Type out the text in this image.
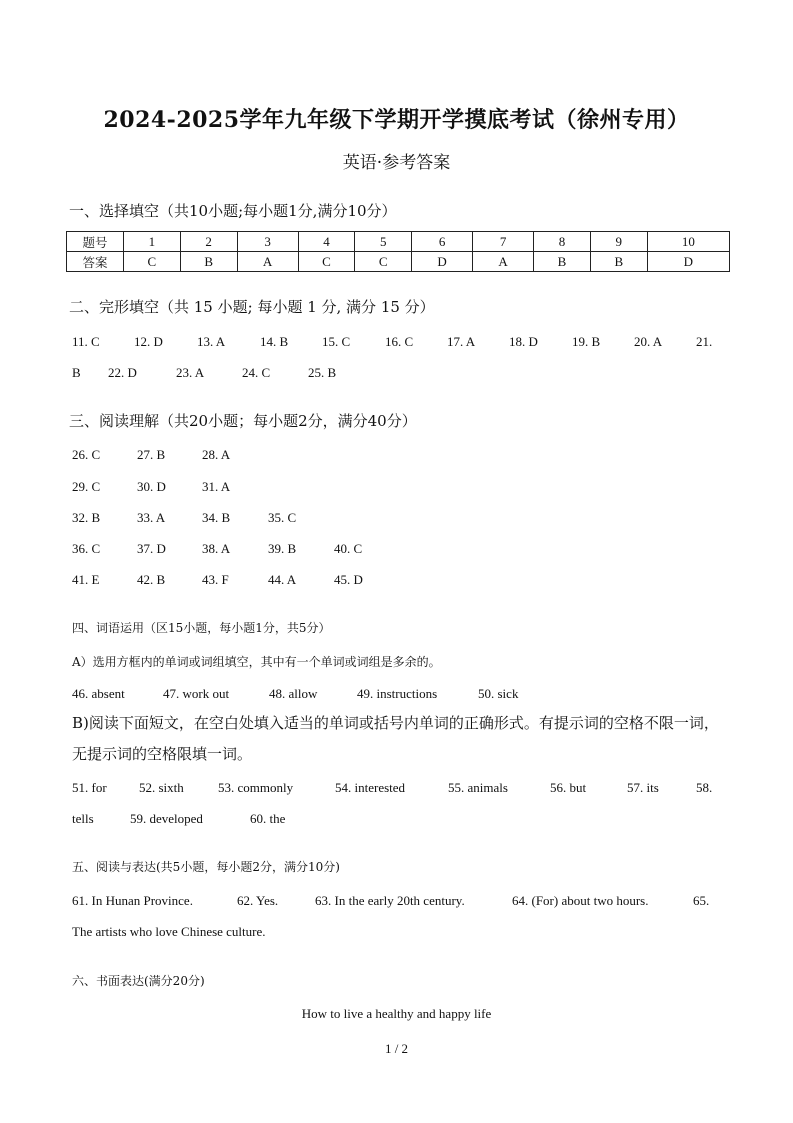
2024-2025学年九年级下学期开学摸底考试（徐州专用）
英语·参考答案
一、选择填空（共10小题;每小题1分,满分10分）
题号	1	2	3	4	5	6	7	8	9	10
答案	C	B	A	C	C	D	A	B	B	D
二、完形填空（共 15 小题; 每小题 1 分, 满分 15 分）
11. C	12. D	13. A	14. B	15. C	16. C	17. A	18. D	19. B	20. A	21.
B 22. D	23. A	24. C	25. B
三、阅读理解（共20小题；每小题2分，满分40分）
26. C	27. B	28. A
29. C	30. D	31. A
32. B	33. A	34. B	35. C
36. C	37. D	38. A	39. B	40. C
41. E	42. B	43. F	44. A	45. D
四、词语运用（区15小题，每小题1分，共5分）
A）选用方框内的单词或词组填空，其中有一个单词或词组是多余的。
46. absent	47. work out	48. allow	49. instructions	50. sick
B)阅读下面短文，在空白处填入适当的单词或括号内单词的正确形式。有提示词的空格不限一词，无提示词的空格限填一词。
51. for 52. sixth	53. commonly	54. interested	55. animals	56. but	57. its	58.
tells	59. developed	60. the
五、阅读与表达(共5小题，每小题2分，满分10分)
61. In Hunan Province.	62. Yes.	63. In the early 20th century.	64. (For) about two hours.	65.
The artists who love Chinese culture.
六、书面表达(满分20分)
How to live a healthy and happy life
1 / 2
